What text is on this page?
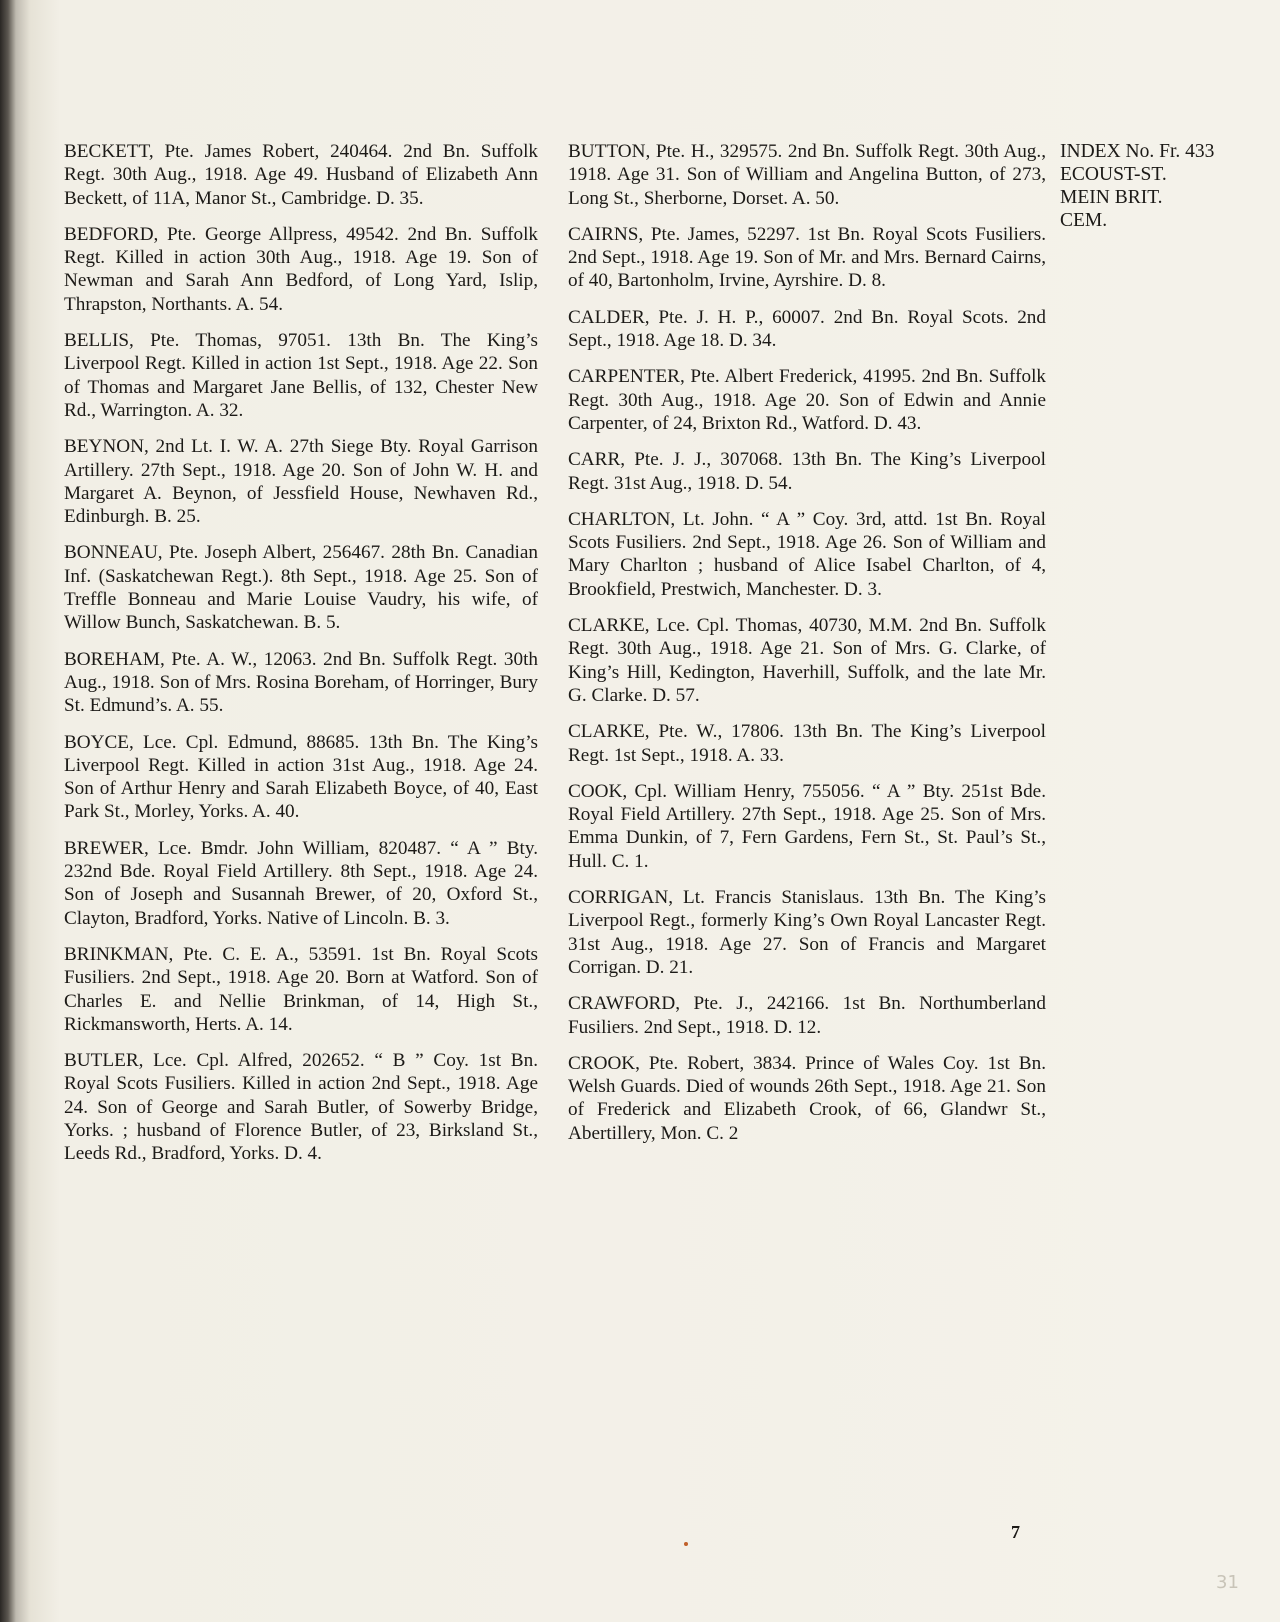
BECKETT, Pte. James Robert, 240464. 2nd Bn. Suffolk Regt. 30th Aug., 1918. Age 49. Husband of Elizabeth Ann Beckett, of 11A, Manor St., Cambridge. D. 35.

BEDFORD, Pte. George Allpress, 49542. 2nd Bn. Suffolk Regt. Killed in action 30th Aug., 1918. Age 19. Son of Newman and Sarah Ann Bedford, of Long Yard, Islip, Thrapston, Northants. A. 54.

BELLIS, Pte. Thomas, 97051. 13th Bn. The King’s Liverpool Regt. Killed in action 1st Sept., 1918. Age 22. Son of Thomas and Margaret Jane Bellis, of 132, Chester New Rd., Warrington. A. 32.

BEYNON, 2nd Lt. I. W. A. 27th Siege Bty. Royal Garrison Artillery. 27th Sept., 1918. Age 20. Son of John W. H. and Margaret A. Beynon, of Jessfield House, Newhaven Rd., Edinburgh. B. 25.

BONNEAU, Pte. Joseph Albert, 256467. 28th Bn. Canadian Inf. (Saskatchewan Regt.). 8th Sept., 1918. Age 25. Son of Treffle Bonneau and Marie Louise Vaudry, his wife, of Willow Bunch, Saskatchewan. B. 5.

BOREHAM, Pte. A. W., 12063. 2nd Bn. Suffolk Regt. 30th Aug., 1918. Son of Mrs. Rosina Boreham, of Horringer, Bury St. Edmund’s. A. 55.

BOYCE, Lce. Cpl. Edmund, 88685. 13th Bn. The King’s Liverpool Regt. Killed in action 31st Aug., 1918. Age 24. Son of Arthur Henry and Sarah Elizabeth Boyce, of 40, East Park St., Morley, Yorks. A. 40.

BREWER, Lce. Bmdr. John William, 820487. “ A ” Bty. 232nd Bde. Royal Field Artillery. 8th Sept., 1918. Age 24. Son of Joseph and Susannah Brewer, of 20, Oxford St., Clayton, Bradford, Yorks. Native of Lincoln. B. 3.

BRINKMAN, Pte. C. E. A., 53591. 1st Bn. Royal Scots Fusiliers. 2nd Sept., 1918. Age 20. Born at Watford. Son of Charles E. and Nellie Brinkman, of 14, High St., Rickmansworth, Herts. A. 14.

BUTLER, Lce. Cpl. Alfred, 202652. “ B ” Coy. 1st Bn. Royal Scots Fusiliers. Killed in action 2nd Sept., 1918. Age 24. Son of George and Sarah Butler, of Sowerby Bridge, Yorks. ; husband of Florence Butler, of 23, Birksland St., Leeds Rd., Bradford, Yorks. D. 4.

BUTTON, Pte. H., 329575. 2nd Bn. Suffolk Regt. 30th Aug., 1918. Age 31. Son of William and Angelina Button, of 273, Long St., Sherborne, Dorset. A. 50.

CAIRNS, Pte. James, 52297. 1st Bn. Royal Scots Fusiliers. 2nd Sept., 1918. Age 19. Son of Mr. and Mrs. Bernard Cairns, of 40, Bartonholm, Irvine, Ayrshire. D. 8.

CALDER, Pte. J. H. P., 60007. 2nd Bn. Royal Scots. 2nd Sept., 1918. Age 18. D. 34.

CARPENTER, Pte. Albert Frederick, 41995. 2nd Bn. Suffolk Regt. 30th Aug., 1918. Age 20. Son of Edwin and Annie Carpenter, of 24, Brixton Rd., Watford. D. 43.

CARR, Pte. J. J., 307068. 13th Bn. The King’s Liverpool Regt. 31st Aug., 1918. D. 54.

CHARLTON, Lt. John. “ A ” Coy. 3rd, attd. 1st Bn. Royal Scots Fusiliers. 2nd Sept., 1918. Age 26. Son of William and Mary Charlton ; husband of Alice Isabel Charlton, of 4, Brookfield, Prestwich, Manchester. D. 3.

CLARKE, Lce. Cpl. Thomas, 40730, M.M. 2nd Bn. Suffolk Regt. 30th Aug., 1918. Age 21. Son of Mrs. G. Clarke, of King’s Hill, Kedington, Haverhill, Suffolk, and the late Mr. G. Clarke. D. 57.

CLARKE, Pte. W., 17806. 13th Bn. The King’s Liverpool Regt. 1st Sept., 1918. A. 33.

COOK, Cpl. William Henry, 755056. “ A ” Bty. 251st Bde. Royal Field Artillery. 27th Sept., 1918. Age 25. Son of Mrs. Emma Dunkin, of 7, Fern Gardens, Fern St., St. Paul’s St., Hull. C. 1.

CORRIGAN, Lt. Francis Stanislaus. 13th Bn. The King’s Liverpool Regt., formerly King’s Own Royal Lancaster Regt. 31st Aug., 1918. Age 27. Son of Francis and Margaret Corrigan. D. 21.

CRAWFORD, Pte. J., 242166. 1st Bn. Northumberland Fusiliers. 2nd Sept., 1918. D. 12.

CROOK, Pte. Robert, 3834. Prince of Wales Coy. 1st Bn. Welsh Guards. Died of wounds 26th Sept., 1918. Age 21. Son of Frederick and Elizabeth Crook, of 66, Glandwr St., Abertillery, Mon. C. 2

INDEX No. Fr. 433
ECOUST-ST.
MEIN BRIT.
CEM.
7
31
